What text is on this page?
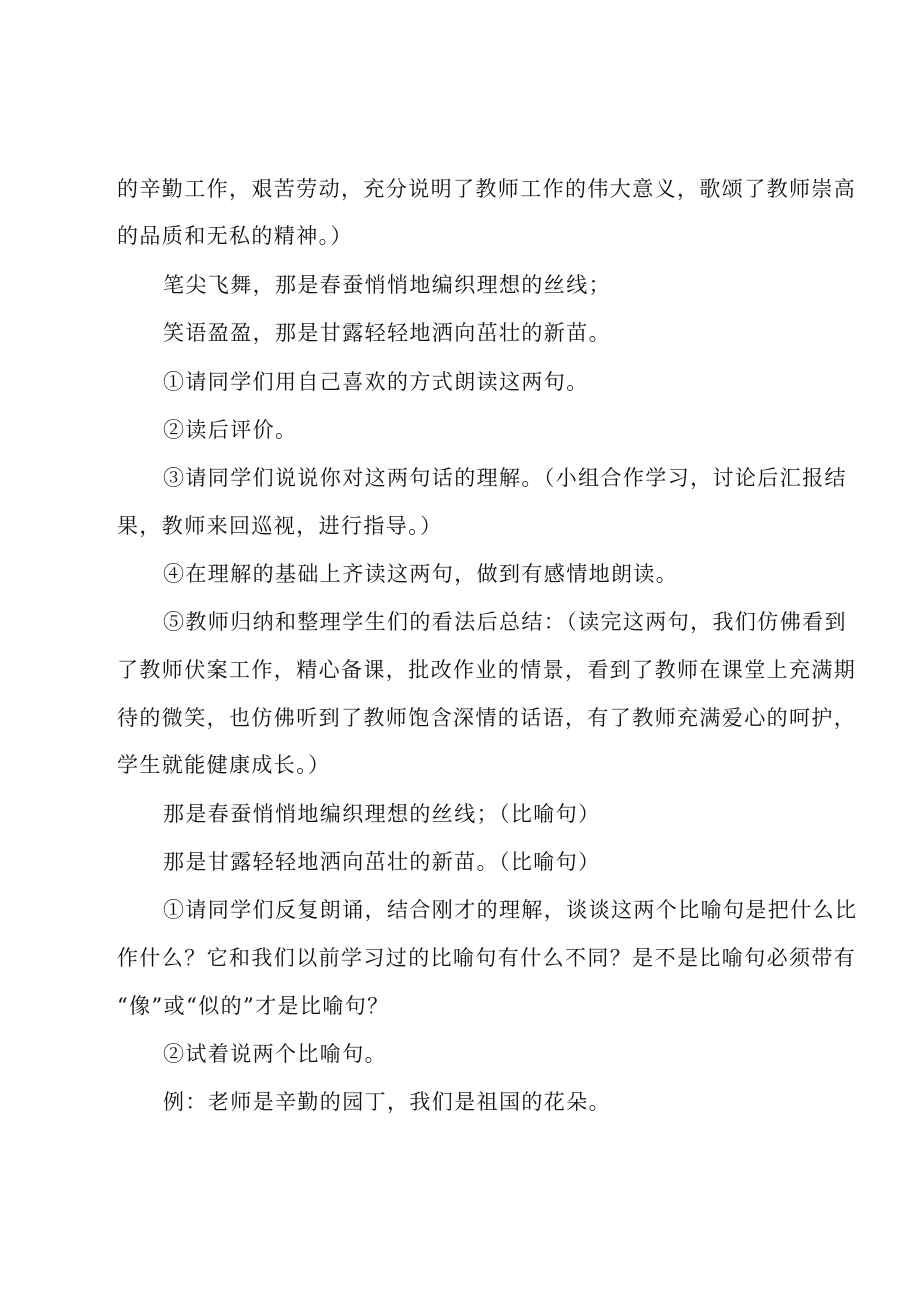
的辛勤工作，艰苦劳动，充分说明了教师工作的伟大意义，歌颂了教师崇高
的品质和无私的精神。）
笔尖飞舞，那是春蚕悄悄地编织理想的丝线；
笑语盈盈，那是甘露轻轻地洒向茁壮的新苗。
①请同学们用自己喜欢的方式朗读这两句。
②读后评价。
③请同学们说说你对这两句话的理解。（小组合作学习，讨论后汇报结
果，教师来回巡视，进行指导。）
④在理解的基础上齐读这两句，做到有感情地朗读。
⑤教师归纳和整理学生们的看法后总结：（读完这两句，我们仿佛看到
了教师伏案工作，精心备课，批改作业的情景，看到了教师在课堂上充满期
待的微笑，也仿佛听到了教师饱含深情的话语，有了教师充满爱心的呵护，
学生就能健康成长。）
那是春蚕悄悄地编织理想的丝线；（比喻句）
那是甘露轻轻地洒向茁壮的新苗。（比喻句）
①请同学们反复朗诵，结合刚才的理解，谈谈这两个比喻句是把什么比
作什么？它和我们以前学习过的比喻句有什么不同？是不是比喻句必须带有
“像”或“似的”才是比喻句？
②试着说两个比喻句。
例：老师是辛勤的园丁，我们是祖国的花朵。
